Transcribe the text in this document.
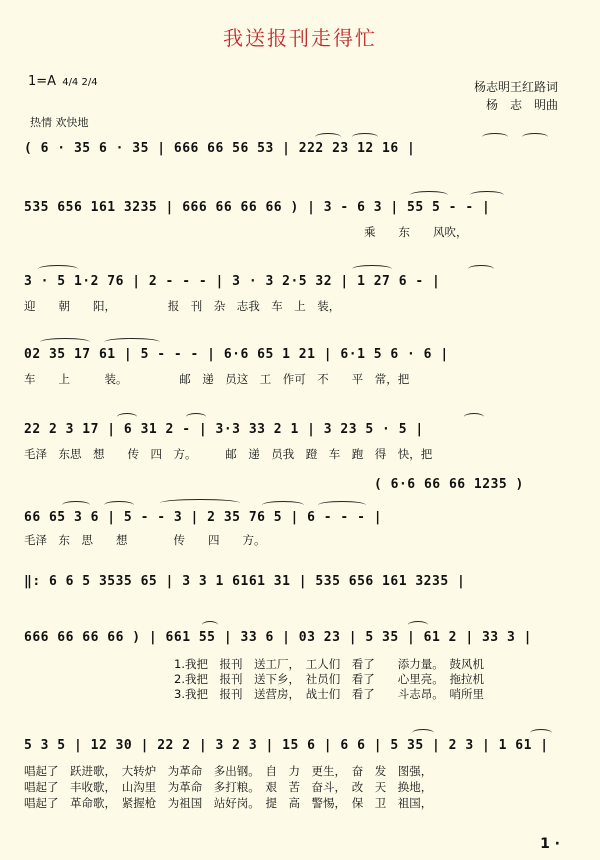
我送报刊走得忙
1=A 4/4 2/4
热情 欢快地
杨志明王红路词
杨　志　明曲
( 6 · 35 6 · 35 | 666 66 56 53 | 222 23 12 16 |
535 656 161 3235 | 666 66 66 66 ) | 3 - 6 3 | 55 5 - - |
乘　　东　　风吹，
3 · 5 1·2 76 | 2 - - - | 3 · 3 2·5 32 | 1 27 6 - |
迎　　朝　　阳，　　　　　报　刊　杂　志我　车　上　装，
02 35 17 61 | 5 - - - | 6·6 65 1 21 | 6·1 5 6 · 6 |
车　　上　　　装。　　　　　邮　递　员这　工　作可　不　　平　常，把
22 2 3 17 | 6 31 2 - | 3·3 33 2 1 | 3 23 5 · 5 |
毛泽　东思　想　　传　四　方。　　　邮　递　员我　蹬　车　跑　得　快，把
( 6·6 66 66 1235 )
66 65 3 6 | 5 - - 3 | 2 35 76 5 | 6 - - - |
毛泽　东　思　　想　　　　传　　四　　方。
‖: 6 6 5 3535 65 | 3 3 1 6161 31 | 535 656 161 3235 |
666 66 66 66 ) | 661 55 | 33 6 | 03 23 | 5 35 | 61 2 | 33 3 |
1.我把　报刊　送工厂，　工人们　看了　　添力量。　鼓风机
2.我把　报刊　送下乡，　社员们　看了　　心里亮。　拖拉机
3.我把　报刊　送营房，　战士们　看了　　斗志昂。　哨所里
5 3 5 | 12 30 | 22 2 | 3 2 3 | 15 6 | 6 6 | 5 35 | 2 3 | 1 61 |
唱起了　跃进歌，　大转炉　为革命　多出钢。　自　力　更生，　奋　发　图强，
唱起了　丰收歌，　山沟里　为革命　多打粮。　艰　苦　奋斗，　改　天　换地，
唱起了　革命歌，　紧握枪　为祖国　站好岗。　提　高　警惕，　保　卫　祖国，
1 ·
